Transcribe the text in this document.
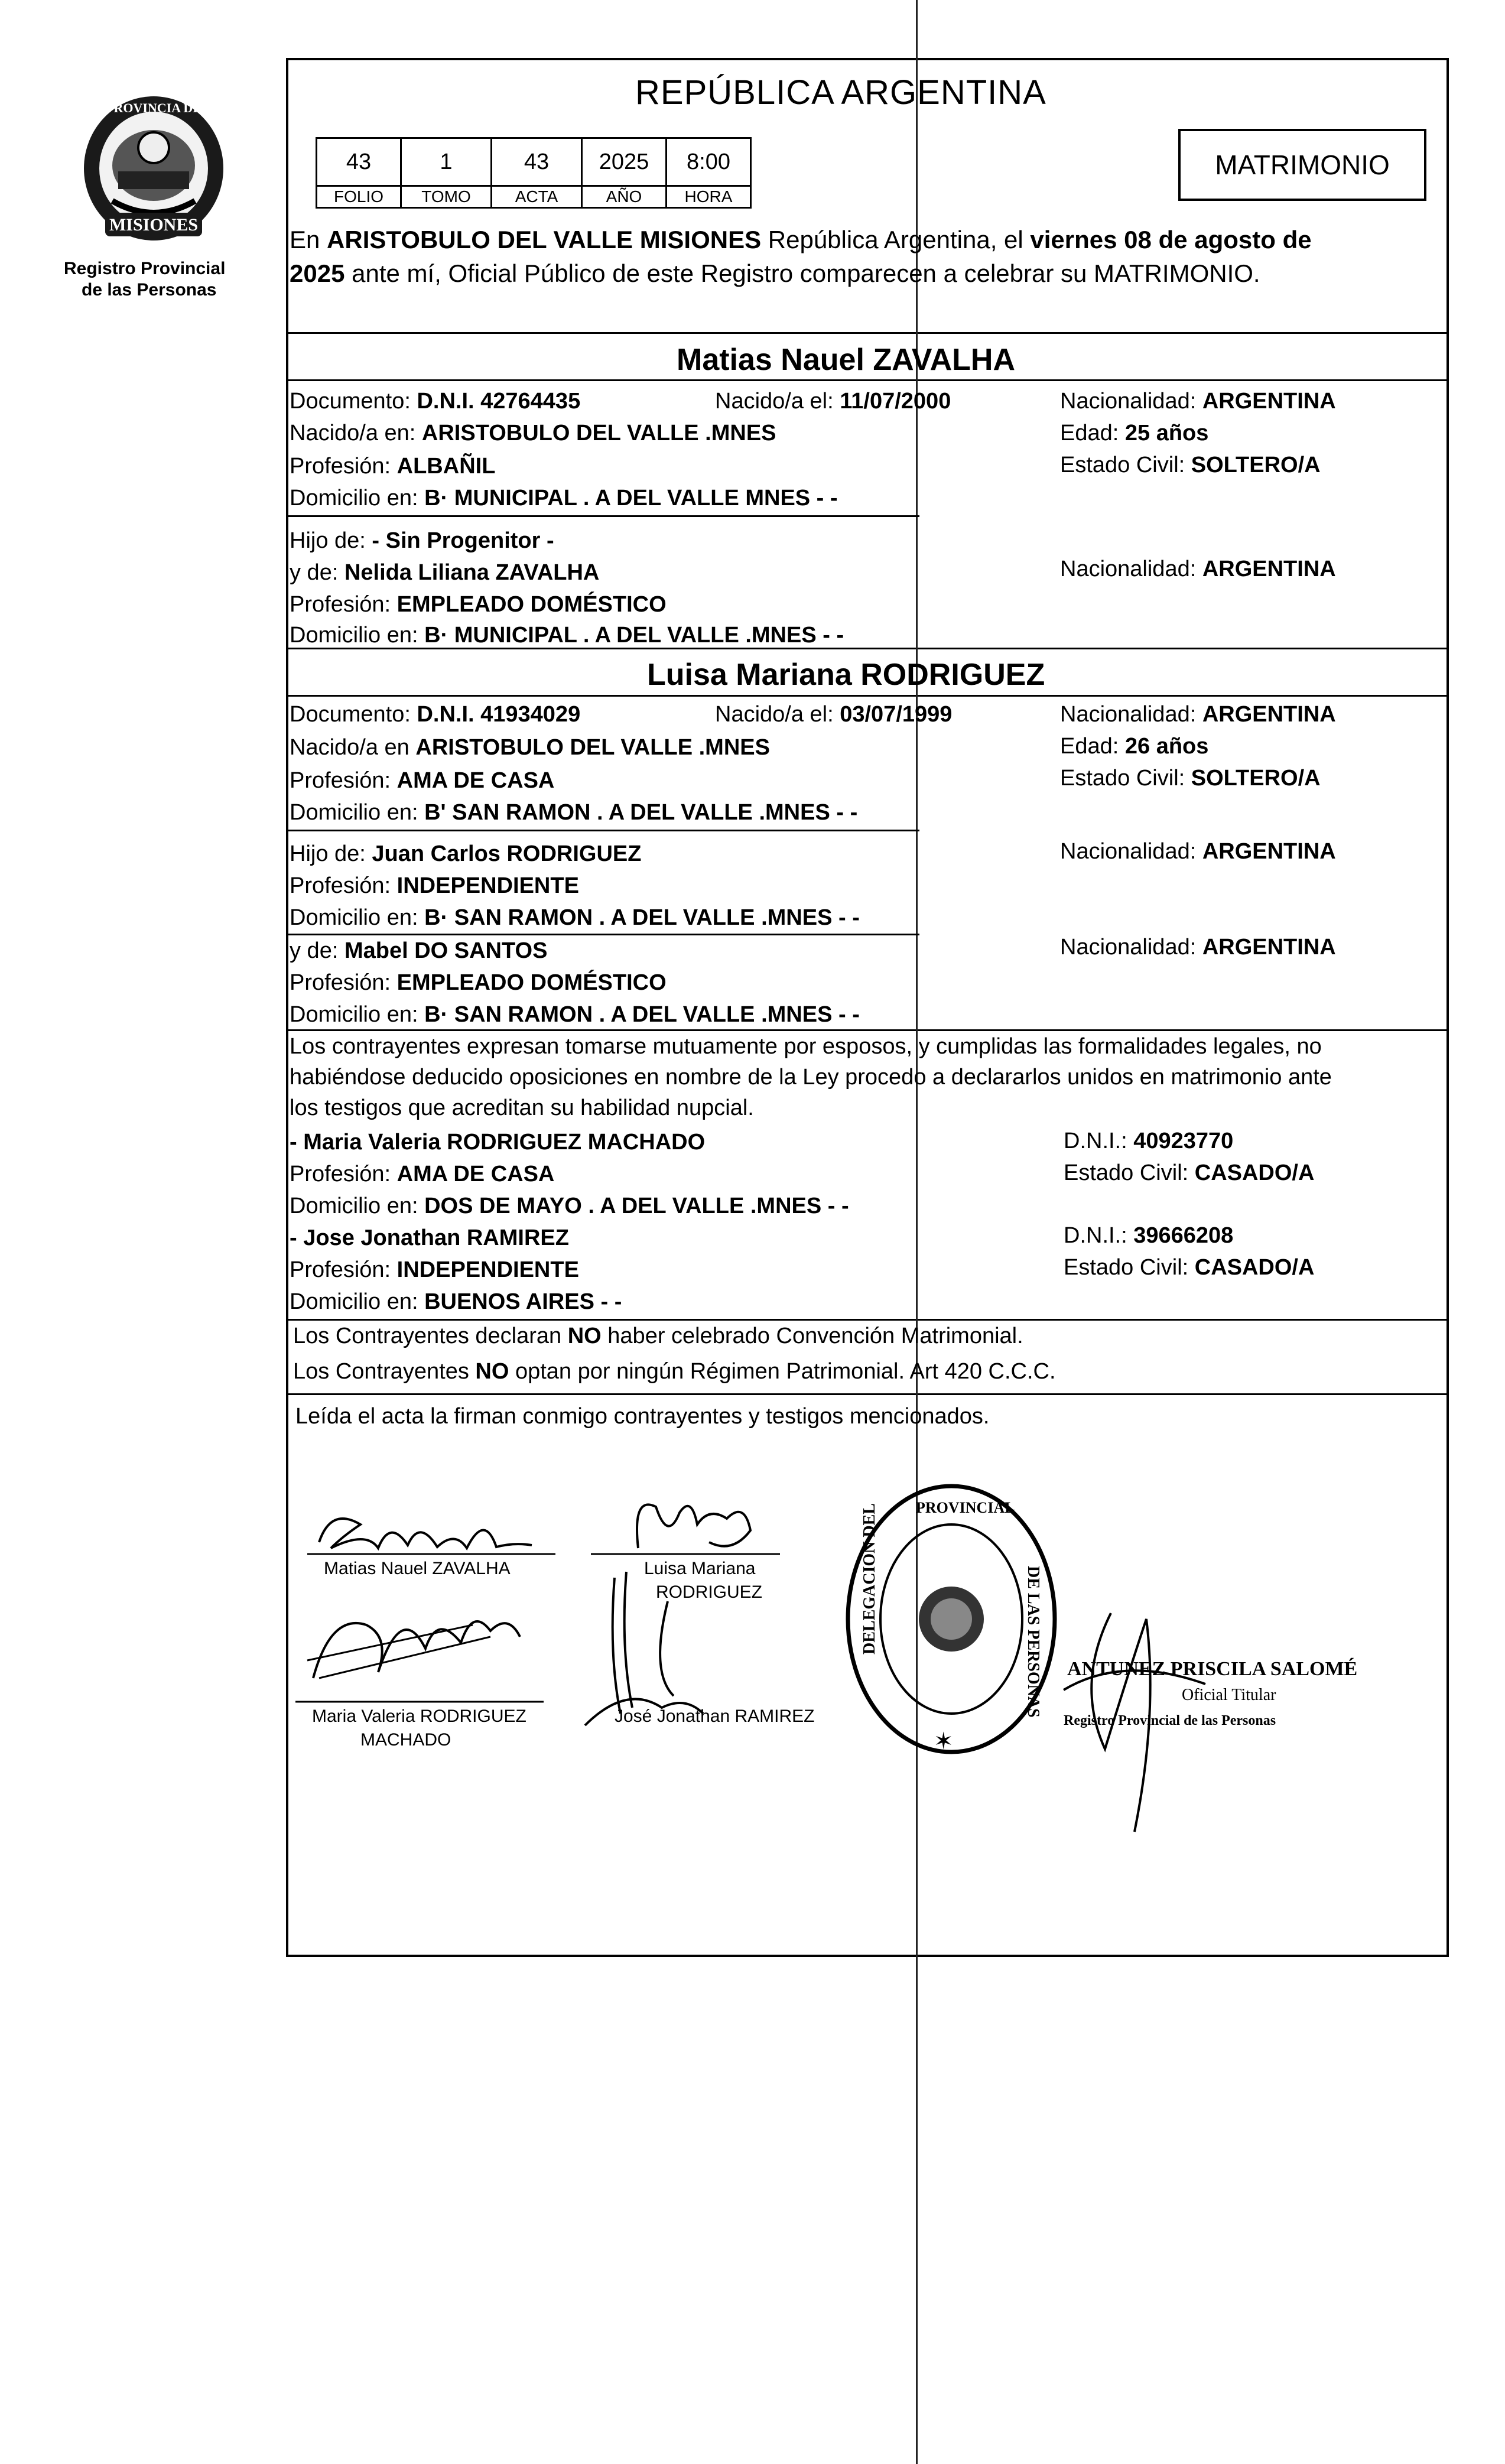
MISIONES
PROVINCIA DE
Registro Provincial
de las Personas
REPÚBLICA ARGENTINA
43	1	43	2025	8:00
FOLIO	TOMO	ACTA	AÑO	HORA
MATRIMONIO
En ARISTOBULO DEL VALLE MISIONES República Argentina, el viernes 08 de agosto de
2025 ante mí, Oficial Público de este Registro comparecen a celebrar su MATRIMONIO.
Matias Nauel ZAVALHA
Documento: D.N.I. 42764435	Nacido/a el: 11/07/2000	Nacionalidad: ARGENTINA
Nacido/a en: ARISTOBULO DEL VALLE .MNES	Edad: 25 años
Profesión: ALBAÑIL	Estado Civil: SOLTERO/A
Domicilio en: B· MUNICIPAL . A DEL VALLE MNES - -
Hijo de: - Sin Progenitor -
y de: Nelida Liliana ZAVALHA	Nacionalidad: ARGENTINA
Profesión: EMPLEADO DOMÉSTICO
Domicilio en: B· MUNICIPAL . A DEL VALLE .MNES - -
Luisa Mariana RODRIGUEZ
Documento: D.N.I. 41934029	Nacido/a el: 03/07/1999	Nacionalidad: ARGENTINA
Nacido/a en ARISTOBULO DEL VALLE .MNES	Edad: 26 años
Profesión: AMA DE CASA	Estado Civil: SOLTERO/A
Domicilio en: B' SAN RAMON . A DEL VALLE .MNES - -
Hijo de: Juan Carlos RODRIGUEZ	Nacionalidad: ARGENTINA
Profesión: INDEPENDIENTE
Domicilio en: B· SAN RAMON . A DEL VALLE .MNES - -
y de: Mabel DO SANTOS	Nacionalidad: ARGENTINA
Profesión: EMPLEADO DOMÉSTICO
Domicilio en: B· SAN RAMON . A DEL VALLE .MNES - -
Los contrayentes expresan tomarse mutuamente por esposos, y cumplidas las formalidades legales, no
habiéndose deducido oposiciones en nombre de la Ley procedo a declararlos unidos en matrimonio ante
los testigos que acreditan su habilidad nupcial.
- Maria Valeria RODRIGUEZ MACHADO	D.N.I.: 40923770
Profesión: AMA DE CASA	Estado Civil: CASADO/A
Domicilio en: DOS DE MAYO . A DEL VALLE .MNES - -
- Jose Jonathan RAMIREZ	D.N.I.: 39666208
Profesión: INDEPENDIENTE	Estado Civil: CASADO/A
Domicilio en: BUENOS AIRES - -
Los Contrayentes declaran NO haber celebrado Convención Matrimonial.
Los Contrayentes NO optan por ningún Régimen Patrimonial. Art 420 C.C.C.
Leída el acta la firman conmigo contrayentes y testigos mencionados.
Matias Nauel ZAVALHA	Luisa Mariana
RODRIGUEZ
Maria Valeria RODRIGUEZ
MACHADO
José Jonathan RAMIREZ
DELEGACION DEL	DE LAS PERSONAS
PROVINCIAL
✶
ANTUNEZ PRISCILA SALOMÉ
Oficial Titular
Registro Provincial de las Personas
